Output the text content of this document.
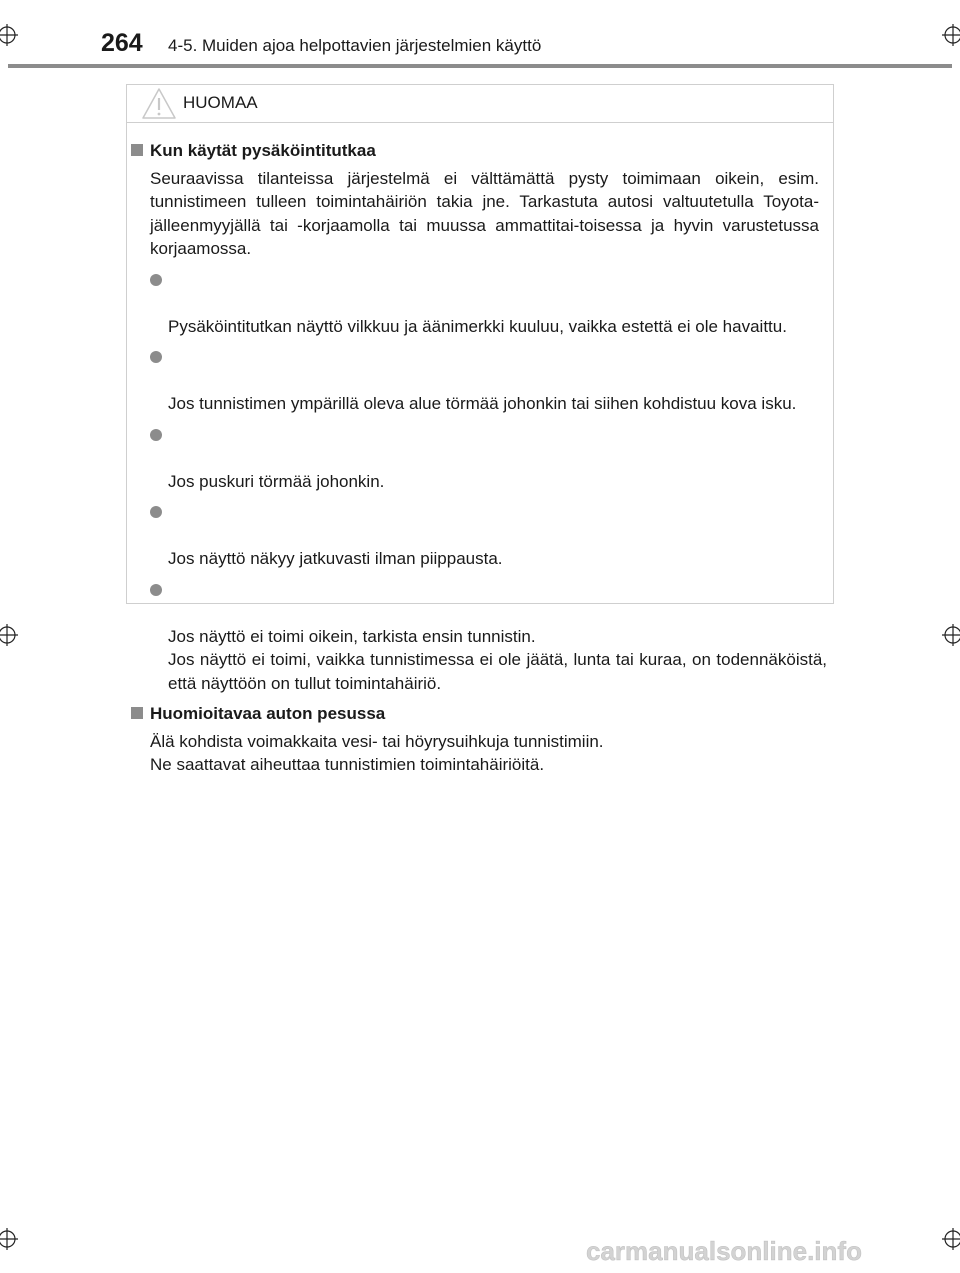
264 4-5. Muiden ajoa helpottavien järjestelmien käyttö
HUOMAA
Kun käytät pysäköintitutkaa
Seuraavissa tilanteissa järjestelmä ei välttämättä pysty toimimaan oikein, esim. tunnistimeen tulleen toimintahäiriön takia jne. Tarkastuta autosi valtuutetulla Toyota-jälleenmyyjällä tai -korjaamolla tai muussa ammattitai-toisessa ja hyvin varustetussa korjaamossa.

Pysäköintitutkan näyttö vilkkuu ja äänimerkki kuuluu, vaikka estettä ei ole havaittu.

Jos tunnistimen ympärillä oleva alue törmää johonkin tai siihen kohdistuu kova isku.

Jos puskuri törmää johonkin.

Jos näyttö näkyy jatkuvasti ilman piippausta.

Jos näyttö ei toimi oikein, tarkista ensin tunnistin.
Jos näyttö ei toimi, vaikka tunnistimessa ei ole jäätä, lunta tai kuraa, on todennäköistä, että näyttöön on tullut toimintahäiriö.

Huomioitavaa auton pesussa
Älä kohdista voimakkaita vesi- tai höyrysuihkuja tunnistimiin.
Ne saattavat aiheuttaa tunnistimien toimintahäiriöitä.
carmanualsonline.info
